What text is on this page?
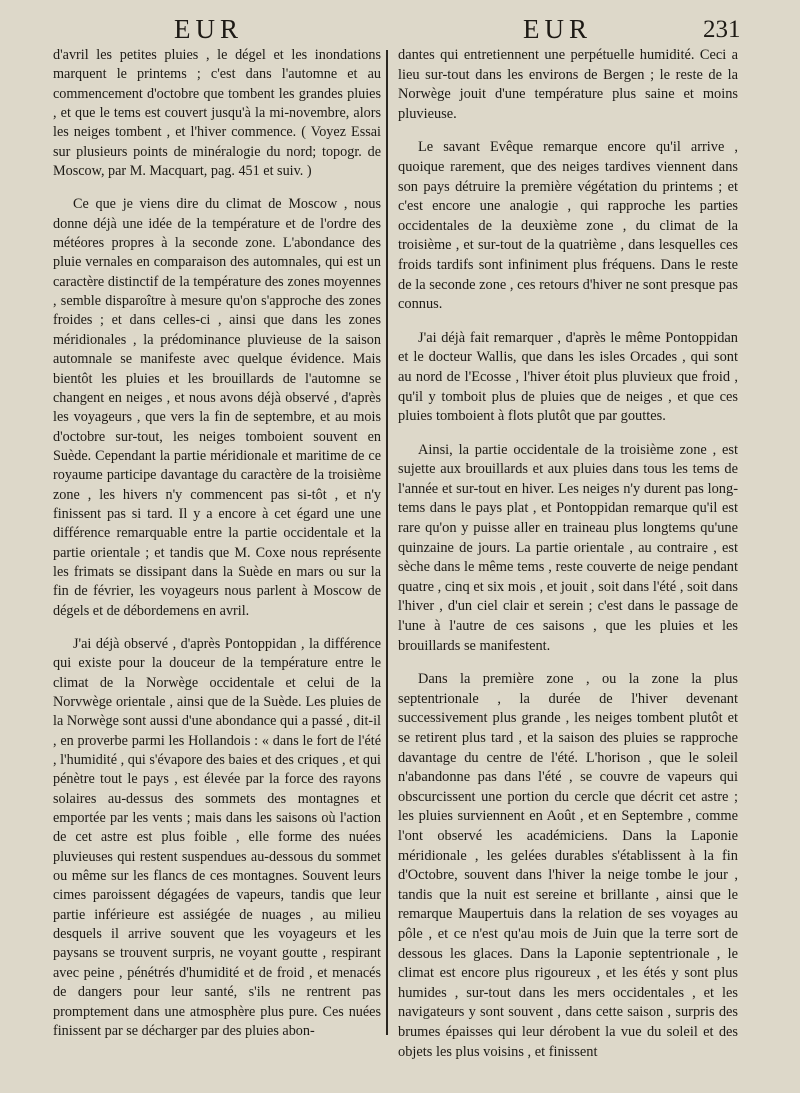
EUR	EUR	231

d'avril les petites pluies , le dégel et les inondations marquent le printems ; c'est dans l'automne et au commencement d'octobre que tombent les grandes pluies , et que le tems est couvert jusqu'à la mi-novembre, alors les neiges tombent , et l'hiver commence. ( Voyez Essai sur plusieurs points de minéralogie du nord; topogr. de Moscow, par M. Macquart, pag. 451 et suiv. )

Ce que je viens dire du climat de Moscow , nous donne déjà une idée de la température et de l'ordre des météores propres à la seconde zone. L'abondance des pluie vernales en comparaison des automnales, qui est un caractère distinctif de la température des zones moyennes , semble disparoître à mesure qu'on s'approche des zones froides ; et dans celles-ci , ainsi que dans les zones méridionales , la prédominance pluvieuse de la saison automnale se manifeste avec quelque évidence. Mais bientôt les pluies et les brouillards de l'automne se changent en neiges , et nous avons déjà observé , d'après les voyageurs , que vers la fin de septembre, et au mois d'octobre sur-tout, les neiges tomboient souvent en Suède. Cependant la partie méridionale et maritime de ce royaume participe davantage du caractère de la troisième zone , les hivers n'y commencent pas si-tôt , et n'y finissent pas si tard. Il y a encore à cet égard une une différence remarquable entre la partie occidentale et la partie orientale ; et tandis que M. Coxe nous représente les frimats se dissipant dans la Suède en mars ou sur la fin de février, les voyageurs nous parlent à Moscow de dégels et de débordemens en avril.

J'ai déjà observé , d'après Pontoppidan , la différence qui existe pour la douceur de la température entre le climat de la Norwège occidentale et celui de la Norvwège orientale , ainsi que de la Suède. Les pluies de la Norwège sont aussi d'une abondance qui a passé , dit-il , en proverbe parmi les Hollandois : « dans le fort de l'été , l'humidité , qui s'évapore des baies et des criques , et qui pénètre tout le pays , est élevée par la force des rayons solaires au-dessus des sommets des montagnes et emportée par les vents ; mais dans les saisons où l'action de cet astre est plus foible , elle forme des nuées pluvieuses qui restent suspendues au-dessous du sommet ou même sur les flancs de ces montagnes. Souvent leurs cimes paroissent dégagées de vapeurs, tandis que leur partie inférieure est assiégée de nuages , au milieu desquels il arrive souvent que les voyageurs et les paysans se trouvent surpris, ne voyant goutte , respirant avec peine , pénétrés d'humidité et de froid , et menacés de dangers pour leur santé, s'ils ne rentrent pas promptement dans une atmosphère plus pure. Ces nuées finissent par se décharger par des pluies abon-

dantes qui entretiennent une perpétuelle humidité. Ceci a lieu sur-tout dans les environs de Bergen ; le reste de la Norwège jouit d'une température plus saine et moins pluvieuse.

Le savant Evêque remarque encore qu'il arrive , quoique rarement, que des neiges tardives viennent dans son pays détruire la première végétation du printems ; et c'est encore une analogie , qui rapproche les parties occidentales de la deuxième zone , du climat de la troisième , et sur-tout de la quatrième , dans lesquelles ces froids tardifs sont infiniment plus fréquens. Dans le reste de la seconde zone , ces retours d'hiver ne sont presque pas connus.

J'ai déjà fait remarquer , d'après le même Pontoppidan et le docteur Wallis, que dans les isles Orcades , qui sont au nord de l'Ecosse , l'hiver étoit plus pluvieux que froid , qu'il y tomboit plus de pluies que de neiges , et que ces pluies tomboient à flots plutôt que par gouttes.

Ainsi, la partie occidentale de la troisième zone , est sujette aux brouillards et aux pluies dans tous les tems de l'année et sur-tout en hiver. Les neiges n'y durent pas long-tems dans le pays plat , et Pontoppidan remarque qu'il est rare qu'on y puisse aller en traineau plus longtems qu'une quinzaine de jours. La partie orientale , au contraire , est sèche dans le même tems , reste couverte de neige pendant quatre , cinq et six mois , et jouit , soit dans l'été , soit dans l'hiver , d'un ciel clair et serein ; c'est dans le passage de l'une à l'autre de ces saisons , que les pluies et les brouillards se manifestent.

Dans la première zone , ou la zone la plus septentrionale , la durée de l'hiver devenant successivement plus grande , les neiges tombent plutôt et se retirent plus tard , et la saison des pluies se rapproche davantage du centre de l'été. L'horison , que le soleil n'abandonne pas dans l'été , se couvre de vapeurs qui obscurcissent une portion du cercle que décrit cet astre ; les pluies surviennent en Août , et en Septembre , comme l'ont observé les académiciens. Dans la Laponie méridionale , les gelées durables s'établissent à la fin d'Octobre, souvent dans l'hiver la neige tombe le jour , tandis que la nuit est sereine et brillante , ainsi que le remarque Maupertuis dans la relation de ses voyages au pôle , et ce n'est qu'au mois de Juin que la terre sort de dessous les glaces. Dans la Laponie septentrionale , le climat est encore plus rigoureux , et les étés y sont plus humides , sur-tout dans les mers occidentales , et les navigateurs y sont souvent , dans cette saison , surpris des brumes épaisses qui leur dérobent la vue du soleil et des objets les plus voisins , et finissent
